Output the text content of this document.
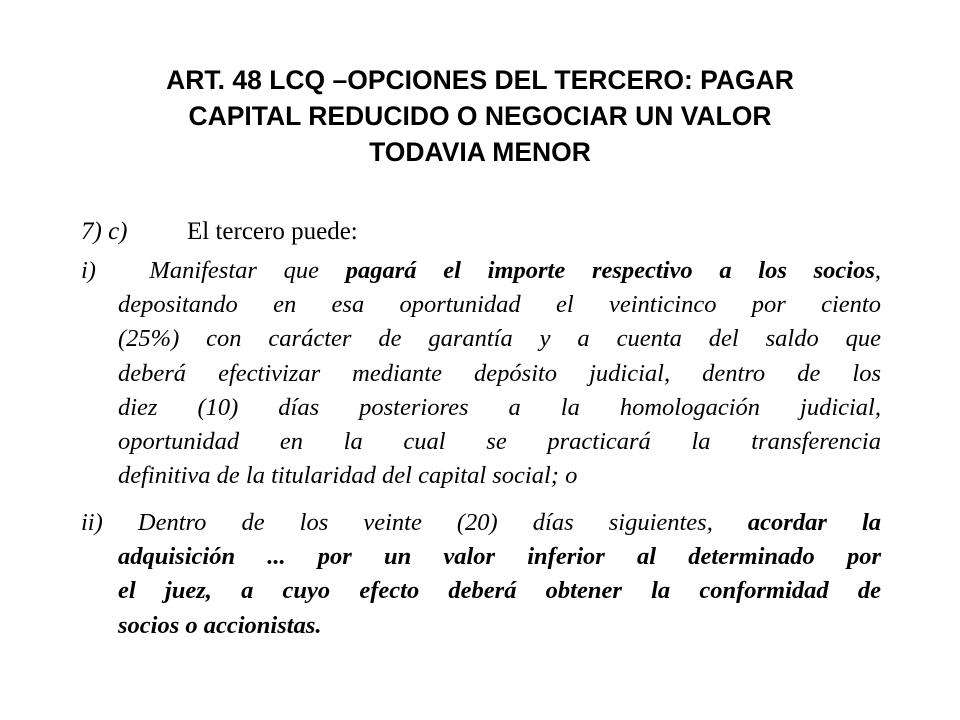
ART. 48 LCQ –OPCIONES DEL TERCERO: PAGAR
CAPITAL REDUCIDO O NEGOCIAR UN VALOR
TODAVIA MENOR
7) c) El tercero puede:
i) Manifestar que pagará el importe respectivo a los socios,
depositando en esa oportunidad el veinticinco por ciento
(25%) con carácter de garantía y a cuenta del saldo que
deberá efectivizar mediante depósito judicial, dentro de los
diez (10) días posteriores a la homologación judicial,
oportunidad en la cual se practicará la transferencia
definitiva de la titularidad del capital social; o
ii) Dentro de los veinte (20) días siguientes, acordar la
adquisición ... por un valor inferior al determinado por
el juez, a cuyo efecto deberá obtener la conformidad de
socios o accionistas.
